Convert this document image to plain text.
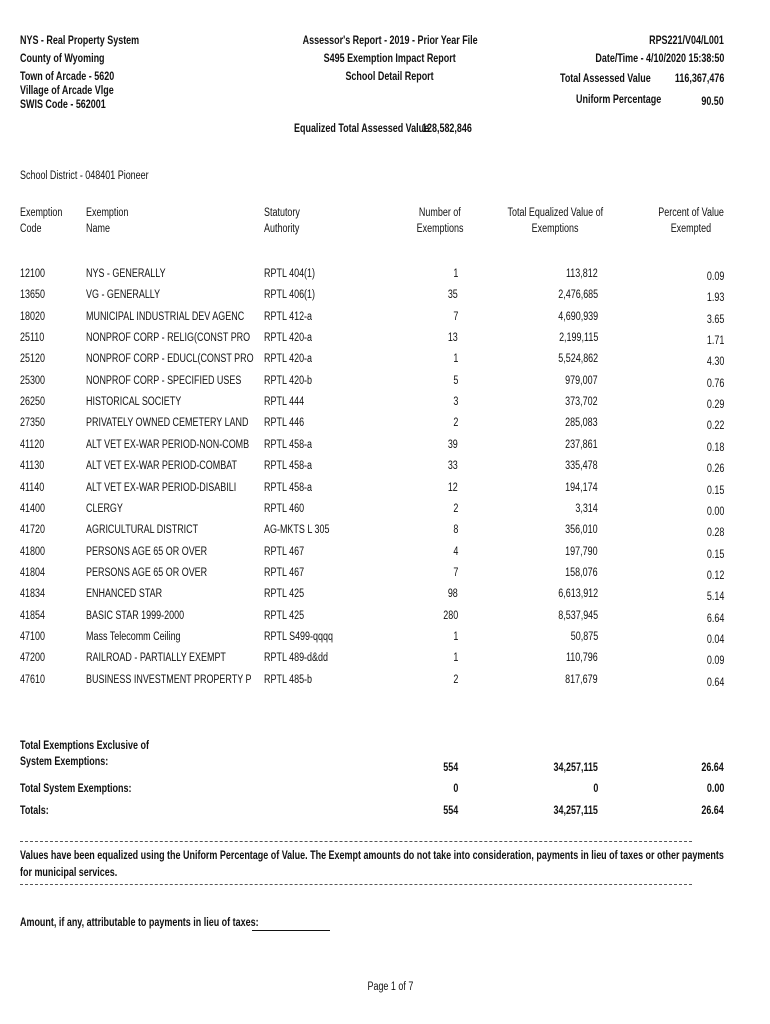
NYS - Real Property System
County of Wyoming
Town of Arcade - 5620
Village of Arcade Vlge
SWIS Code - 562001
Assessor's Report - 2019 - Prior Year File
S495 Exemption Impact Report
School Detail Report
RPS221/V04/L001
Date/Time - 4/10/2020 15:38:50
Total Assessed Value	116,367,476
Uniform Percentage	90.50
Equalized Total Assessed Value
128,582,846
School District - 048401 Pioneer
Exemption
Code
Exemption
Name
Statutory
Authority
Number of
Exemptions
Total Equalized Value of
Exemptions
Percent of Value
Exempted
12100	NYS - GENERALLY	RPTL 404(1)	1	113,812	0.09
13650	VG - GENERALLY	RPTL 406(1)	35	2,476,685	1.93
18020	MUNICIPAL INDUSTRIAL DEV AGENC	RPTL 412-a	7	4,690,939	3.65
25110	NONPROF CORP - RELIG(CONST PRO	RPTL 420-a	13	2,199,115	1.71
25120	NONPROF CORP - EDUCL(CONST PRO RPTL 420-a	1	5,524,862	4.30
25300	NONPROF CORP - SPECIFIED USES	RPTL 420-b	5	979,007	0.76
26250	HISTORICAL SOCIETY	RPTL 444	3	373,702	0.29
27350	PRIVATELY OWNED CEMETERY LAND	RPTL 446	2	285,083	0.22
41120	ALT VET EX-WAR PERIOD-NON-COMB	RPTL 458-a	39	237,861	0.18
41130	ALT VET EX-WAR PERIOD-COMBAT	RPTL 458-a	33	335,478	0.26
41140	ALT VET EX-WAR PERIOD-DISABILI	RPTL 458-a	12	194,174	0.15
41400	CLERGY	RPTL 460	2	3,314	0.00
41720	AGRICULTURAL DISTRICT	AG-MKTS L 305	8	356,010	0.28
41800	PERSONS AGE 65 OR OVER	RPTL 467	4	197,790	0.15
41804	PERSONS AGE 65 OR OVER	RPTL 467	7	158,076	0.12
41834	ENHANCED STAR	RPTL 425	98	6,613,912	5.14
41854	BASIC STAR 1999-2000	RPTL 425	280	8,537,945	6.64
47100	Mass Telecomm Ceiling	RPTL S499-qqqq	1	50,875	0.04
47200	RAILROAD - PARTIALLY EXEMPT	RPTL 489-d&dd	1	110,796	0.09
47610	BUSINESS INVESTMENT PROPERTY P	RPTL 485-b	2	817,679	0.64
Total Exemptions Exclusive of
System Exemptions:	554	34,257,115	26.64
Total System Exemptions:	0	0	0.00
Totals:	554	34,257,115	26.64
Values have been equalized using the Uniform Percentage of Value. The Exempt amounts do not take into consideration, payments in lieu of taxes or other payments
for municipal services.
Amount, if any, attributable to payments in lieu of taxes:
Page 1 of 7
